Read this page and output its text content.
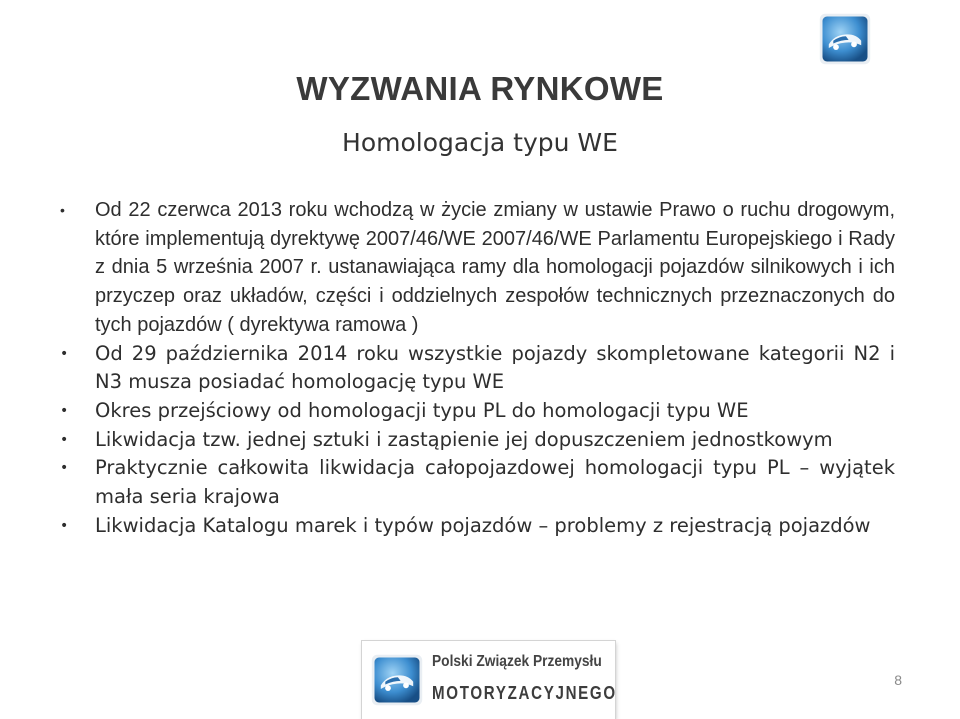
WYZWANIA RYNKOWE
Homologacja typu WE
• Od 22 czerwca 2013 roku wchodzą w życie zmiany w ustawie Prawo o ruchu drogowym, które implementują dyrektywę 2007/46/WE 2007/46/WE Parlamentu Europejskiego i Rady z dnia 5 września 2007 r. ustanawiająca ramy dla homologacji pojazdów silnikowych i ich przyczep oraz układów, części i oddzielnych zespołów technicznych przeznaczonych do tych pojazdów ( dyrektywa ramowa )
• Od 29 października 2014 roku wszystkie pojazdy skompletowane kategorii N2 i N3 musza posiadać homologację typu WE
• Okres przejściowy od homologacji typu PL do homologacji typu WE
• Likwidacja tzw. jednej sztuki i zastąpienie jej dopuszczeniem jednostkowym
• Praktycznie całkowita likwidacja całopojazdowej homologacji typu PL – wyjątek mała seria krajowa
• Likwidacja Katalogu marek i typów pojazdów – problemy z rejestracją pojazdów
Polski Związek Przemysłu
MOTORYZACYJNEGO
8
